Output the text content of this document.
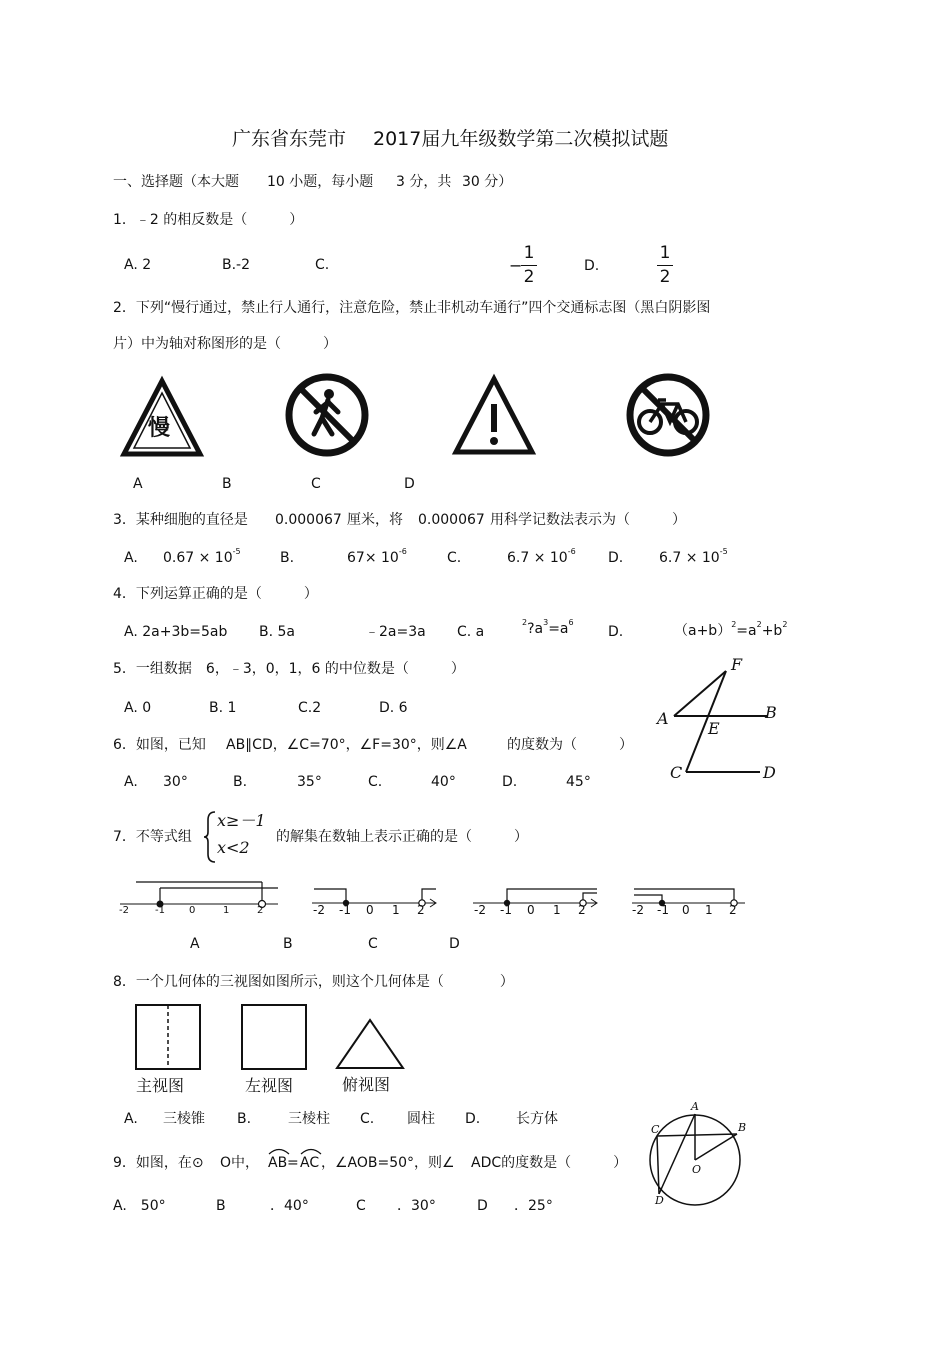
广东省东莞市 2017届九年级数学第二次模拟试题
一、选择题（本大题 10 小题，每小题 3 分，共 30 分）
1．﹣2 的相反数是（　　　）
A. 2	B.-2	C.	−
1
2
D.
1
2
2．下列“慢行通过，禁止行人通行，注意危险，禁止非机动车通行”四个交通标志图（黑白阴影图
片）中为轴对称图形的是（　　　）
慢
A	B	C	D
3．某种细胞的直径是 0.000067 厘米，将 0.000067 用科学记数法表示为（　　　）
A. $0.67 \times 10^{-5}$	B.	$67\times 10^{-6}$	C.	$6.7 \times 10^{-6}$ D.	$6.7 \times 10^{-5}$
4．下列运算正确的是（　　　）
A. 2a+3b=5ab B. 5a	﹣2a=3a C. a
$^2?a^3=a^6$
D.	$(a+b)^2=a^2+b^2$
5．一组数据　6，﹣3，0，1，6 的中位数是（　　　）
A. 0	B. 1	C.2	D. 6
F
A	B
E
C	D
6．如图，已知 AB∥CD，∠C=70°，∠F=30°，则∠A	的度数为（　　　）
A. 30°	B.	35°	C.	40°	D.	45°
7．不等式组
x≥－1
x<2
的解集在数轴上表示正确的是（　　　）
-2	-1 0	1	2	-2 -1 0 1 2	-2 -1 0 1 2	-2 -1 0 1 2
A	B	C	D
8．一个几何体的三视图如图所示，则这个几何体是（　　　　）
主视图	左视图	俯视图
A. 三棱锥 B.	三棱柱 C. 圆柱 D.	长方体
A
B
C
D
O
9．如图，在⊙ O中， AB = AC ，∠AOB=50°，则∠ ADC的度数是（　　　）
A.　50°	B	．40°	C ．30°	D ．25°
